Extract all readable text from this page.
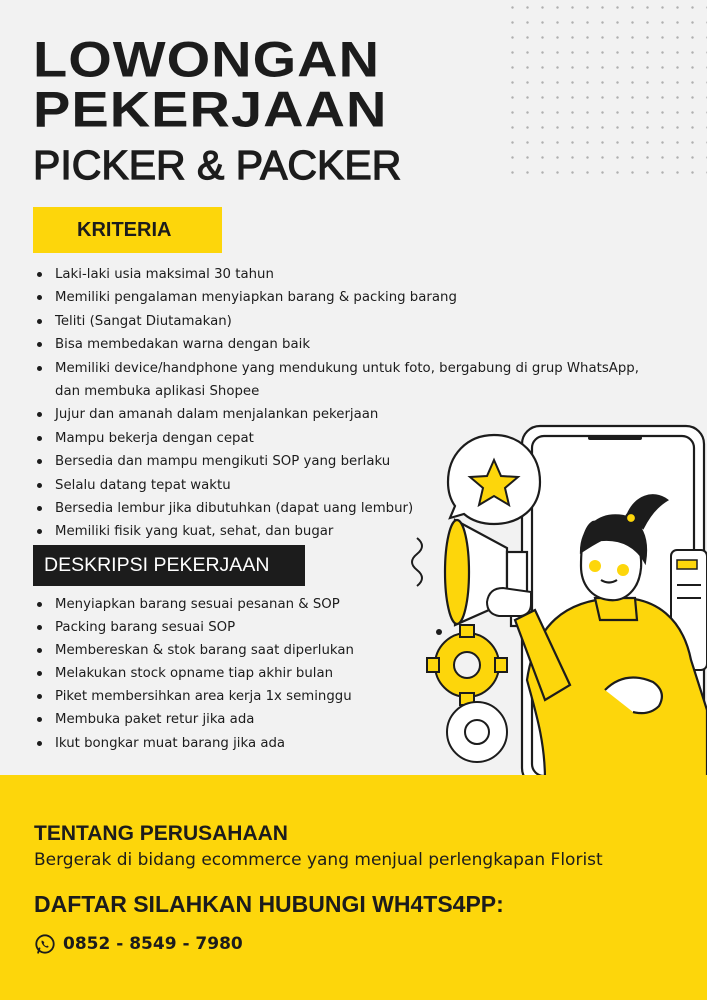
LOWONGAN
PEKERJAAN
PICKER & PACKER
KRITERIA
Laki-laki usia maksimal 30 tahun
Memiliki pengalaman menyiapkan barang & packing barang
Teliti (Sangat Diutamakan)
Bisa membedakan warna dengan baik
Memiliki device/handphone yang mendukung untuk foto, bergabung di grup WhatsApp,
dan membuka aplikasi Shopee
Jujur dan amanah dalam menjalankan pekerjaan
Mampu bekerja dengan cepat
Bersedia dan mampu mengikuti SOP yang berlaku
Selalu datang tepat waktu
Bersedia lembur jika dibutuhkan (dapat uang lembur)
Memiliki fisik yang kuat, sehat, dan bugar
DESKRIPSI PEKERJAAN
Menyiapkan barang sesuai pesanan & SOP
Packing barang sesuai SOP
Membereskan & stok barang saat diperlukan
Melakukan stock opname tiap akhir bulan
Piket membersihkan area kerja 1x seminggu
Membuka paket retur jika ada
Ikut bongkar muat barang jika ada
TENTANG PERUSAHAAN
Bergerak di bidang ecommerce yang menjual perlengkapan Florist
DAFTAR SILAHKAN HUBUNGI WH4TS4PP:
0852 - 8549 - 7980
